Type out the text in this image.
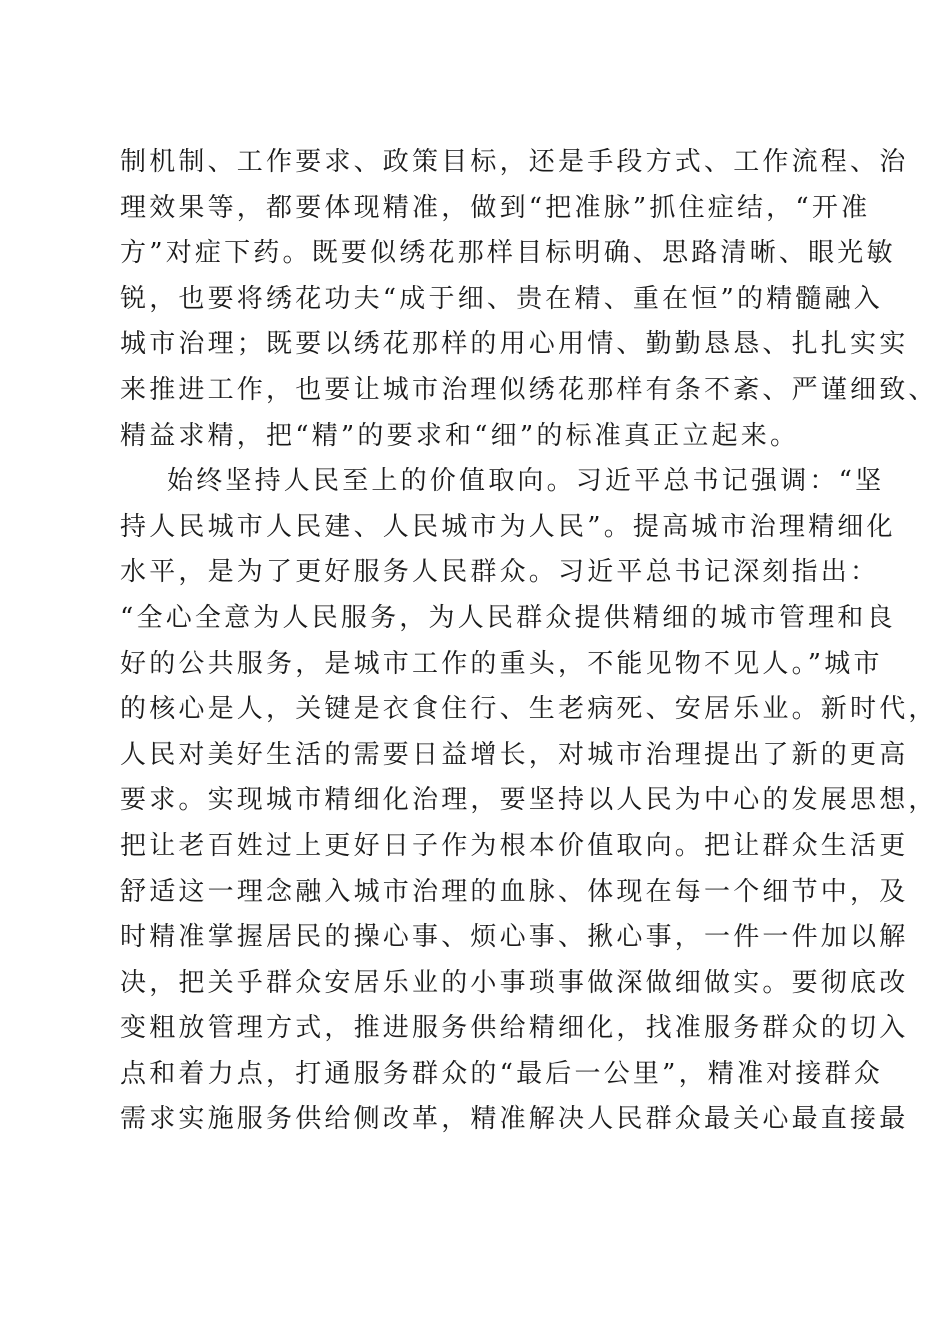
制机制、工作要求、政策目标，还是手段方式、工作流程、治
理效果等，都要体现精准，做到“把准脉”抓住症结，“开准
方”对症下药。既要似绣花那样目标明确、思路清晰、眼光敏
锐，也要将绣花功夫“成于细、贵在精、重在恒”的精髓融入
城市治理；既要以绣花那样的用心用情、勤勤恳恳、扎扎实实
来推进工作，也要让城市治理似绣花那样有条不紊、严谨细致、
精益求精，把“精”的要求和“细”的标准真正立起来。
始终坚持人民至上的价值取向。习近平总书记强调：“坚
持人民城市人民建、人民城市为人民”。提高城市治理精细化
水平，是为了更好服务人民群众。习近平总书记深刻指出：
“全心全意为人民服务，为人民群众提供精细的城市管理和良
好的公共服务，是城市工作的重头，不能见物不见人。”城市
的核心是人，关键是衣食住行、生老病死、安居乐业。新时代，
人民对美好生活的需要日益增长，对城市治理提出了新的更高
要求。实现城市精细化治理，要坚持以人民为中心的发展思想，
把让老百姓过上更好日子作为根本价值取向。把让群众生活更
舒适这一理念融入城市治理的血脉、体现在每一个细节中，及
时精准掌握居民的操心事、烦心事、揪心事，一件一件加以解
决，把关乎群众安居乐业的小事琐事做深做细做实。要彻底改
变粗放管理方式，推进服务供给精细化，找准服务群众的切入
点和着力点，打通服务群众的“最后一公里”，精准对接群众
需求实施服务供给侧改革，精准解决人民群众最关心最直接最
